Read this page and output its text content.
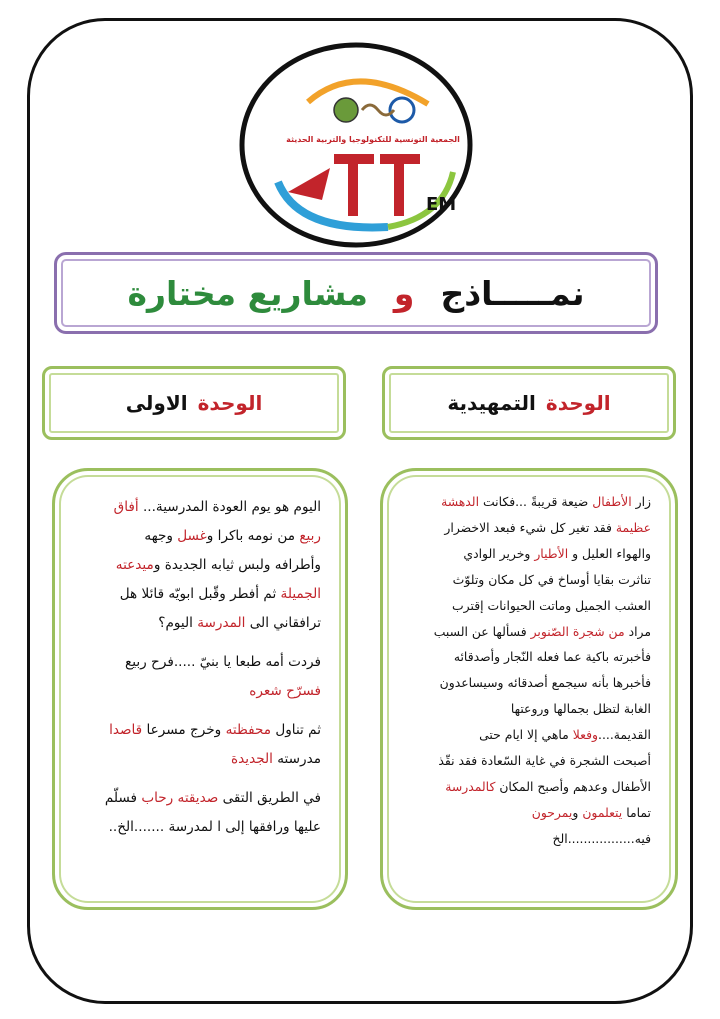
الجمعية التونسية للتكنولوجيا والتربية الحديثة
EM
نمـــــاذج
و
مشاريع مختارة
الوحدة
التمهيدية
الوحدة
الاولى

زار الأطفال ضيعة قريبةً ...فكانت الدهشة

عظيمة فقد تغير كل شيء فبعد الاخضرار

والهواء العليل و الأطيار وخرير الوادي

تناثرت بقايا أوساخ في كل مكان وتلوّث

العشب الجميل وماتت الحيوانات إقترب

مراد من شجرة الصّنوبر فسألها عن السبب

فأخبرته باكية عما فعله النّجار وأصدقائه

فأخبرها بأنه سيجمع أصدقائه وسيساعدون

الغابة لتظل بجمالها وروعتها

القديمة....وفعلا ماهي إلا ايام حتى

أصبحت الشجرة في غاية السّعادة فقد نقّذ

الأطفال وعدهم وأصبح المكان كالمدرسة

تماما يتعلمون ويمرحون

فيه.................الخ

اليوم هو يوم العودة المدرسية... أفاق

ربيع من نومه باكرا وغسل وجهه

وأطرافه ولبس ثيابه الجديدة وميدعته

الجميلة ثم أفطر وقّبل ابويّه قائلا هل

ترافقاني الى المدرسة اليوم؟

فردت أمه طبعا يا بنيّ .....فرح ربيع

فسرّح شعره

ثم تناول محفظته وخرج مسرعا قاصدا

مدرسته الجديدة

في الطريق التقى صديقته رحاب فسلّم

عليها ورافقها إلى ا لمدرسة .......الخ..
